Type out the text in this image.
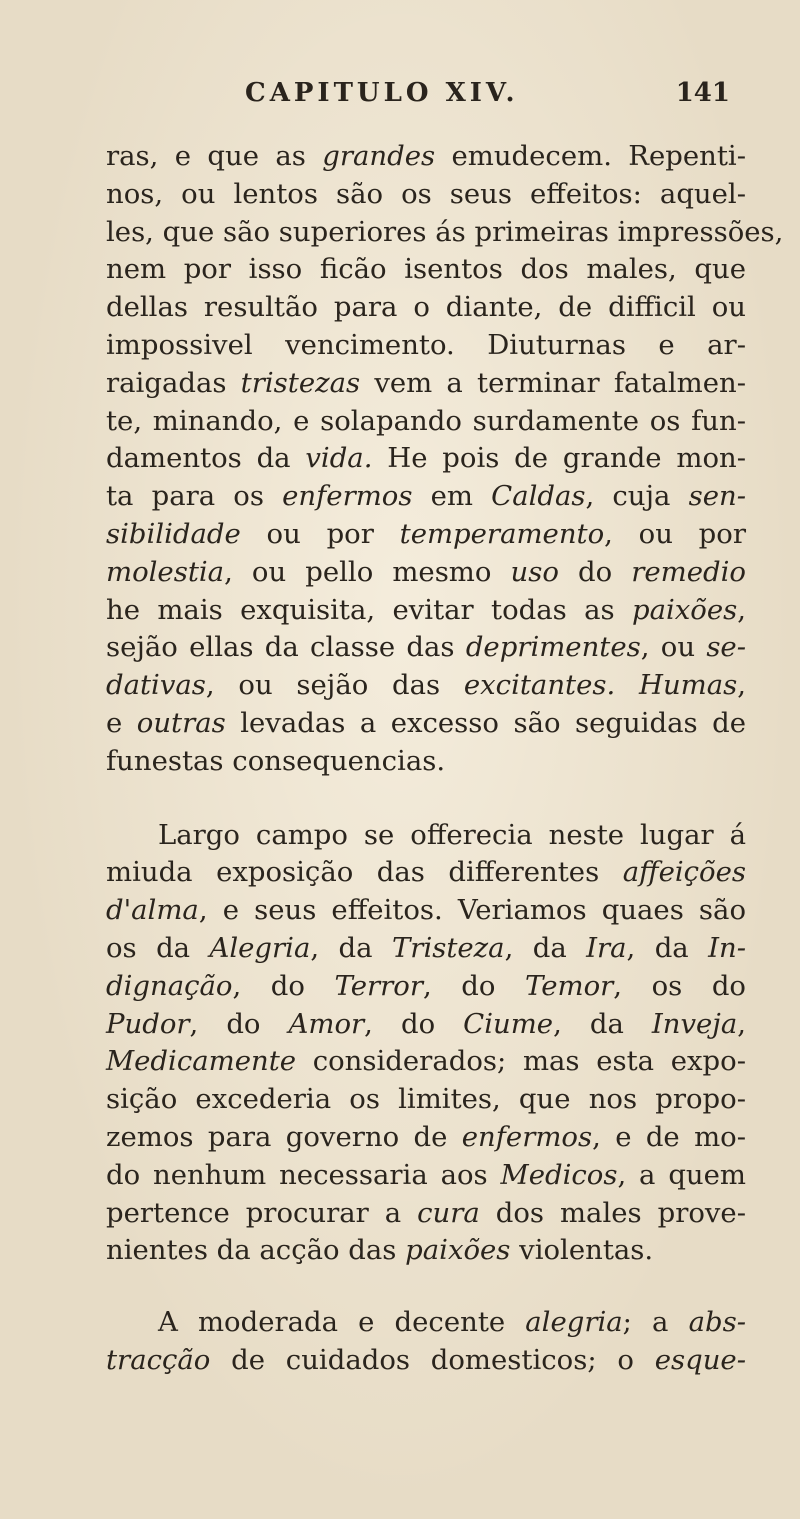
CAPITULO XIV.	141
ras, e que as grandes emudecem. Repenti-
nos, ou lentos são os seus effeitos: aquel-
les, que são superiores ás primeiras impressões,
nem por isso ficão isentos dos males, que
dellas resultão para o diante, de difficil ou
impossivel vencimento. Diuturnas e ar-
raigadas tristezas vem a terminar fatalmen-
te, minando, e solapando surdamente os fun-
damentos da vida. He pois de grande mon-
ta para os enfermos em Caldas, cuja sen-
sibilidade ou por temperamento, ou por
molestia, ou pello mesmo uso do remedio
he mais exquisita, evitar todas as paixões,
sejão ellas da classe das deprimentes, ou se-
dativas, ou sejão das excitantes. Humas,
e outras levadas a excesso são seguidas de
funestas consequencias.
Largo campo se offerecia neste lugar á
miuda exposição das differentes affeições
d'alma, e seus effeitos. Veriamos quaes são
os da Alegria, da Tristeza, da Ira, da In-
dignação, do Terror, do Temor, os do
Pudor, do Amor, do Ciume, da Inveja,
Medicamente considerados; mas esta expo-
sição excederia os limites, que nos propo-
zemos para governo de enfermos, e de mo-
do nenhum necessaria aos Medicos, a quem
pertence procurar a cura dos males prove-
nientes da acção das paixões violentas.
A moderada e decente alegria; a abs-
tracção de cuidados domesticos; o esque-
